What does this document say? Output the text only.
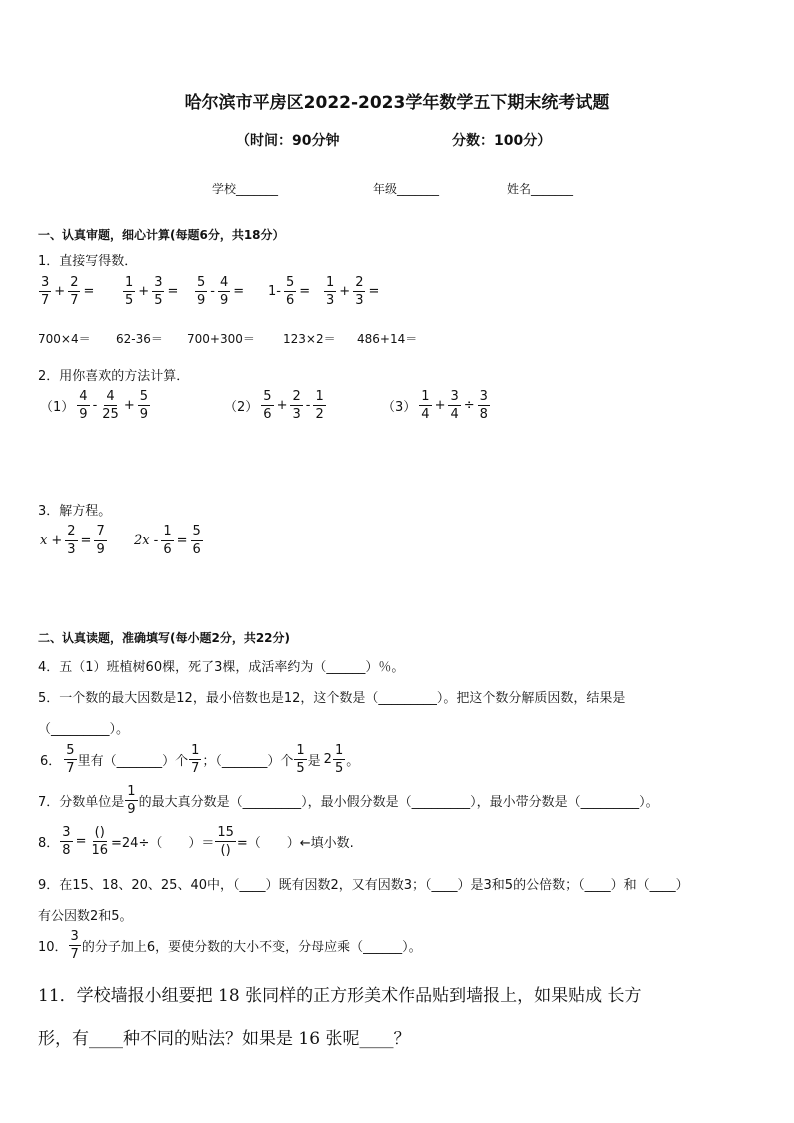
哈尔滨市平房区2022-2023学年数学五下期末统考试题
（时间：90分钟	分数：100分）
学校_______	年级_______	姓名_______
一、认真审题，细心计算(每题6分，共18分）
1．直接写得数．
$\frac{3}{7} + \frac{2}{7} = \frac{1}{5} + \frac{3}{5} = \frac{5}{9} - \frac{4}{9} = 1- \frac{5}{6} = \frac{1}{3} + \frac{2}{3}$ =
700×4＝ 62-36＝ 700+300＝ 123×2＝ 486+14＝
2．用你喜欢的方法计算．
$(1) \frac{4}{9} - \frac{4}{25} + \frac{5}{9}$	$(2) \frac{5}{6} + \frac{2}{3} - \frac{1}{2}$	$(3) \frac{1}{4} + \frac{3}{4} \div \frac{3}{8}$
3．解方程。
$x + \frac{2}{3} = \frac{7}{9} 2x - \frac{1}{6} = \frac{5}{6}$
二、认真读题，准确填写(每小题2分，共22分)
4．五（1）班植树60棵，死了3棵，成活率约为（______）％。
5．一个数的最大因数是12，最小倍数也是12，这个数是（_________）。把这个数分解质因数，结果是
（_________）。
6． $\frac{5}{7}$ 里有（_______）个 $\frac{1}{7}$ ；（_______）个 $\frac{1}{5}$ 是 $2 \frac{1}{5}$ 。
7．分数单位是 $\frac{1}{9}$ 的最大真分数是（_________），最小假分数是（_________），最小带分数是（_________）。
8． $\frac{3}{8} = \frac{()}{16} =24\div$（　　）＝ $\frac{15}{()}$ =（　　）←填小数.
9．在15、18、20、25、40中，（____）既有因数2，又有因数3；（____）是3和5的公倍数；（____）和（____）
有公因数2和5。
10． $\frac{3}{7}$ 的分子加上6，要使分数的大小不变，分母应乘（______）。
11．学校墙报小组要把 18 张同样的正方形美术作品贴到墙报上，如果贴成 长方
形，有____种不同的贴法？如果是 16 张呢____？
